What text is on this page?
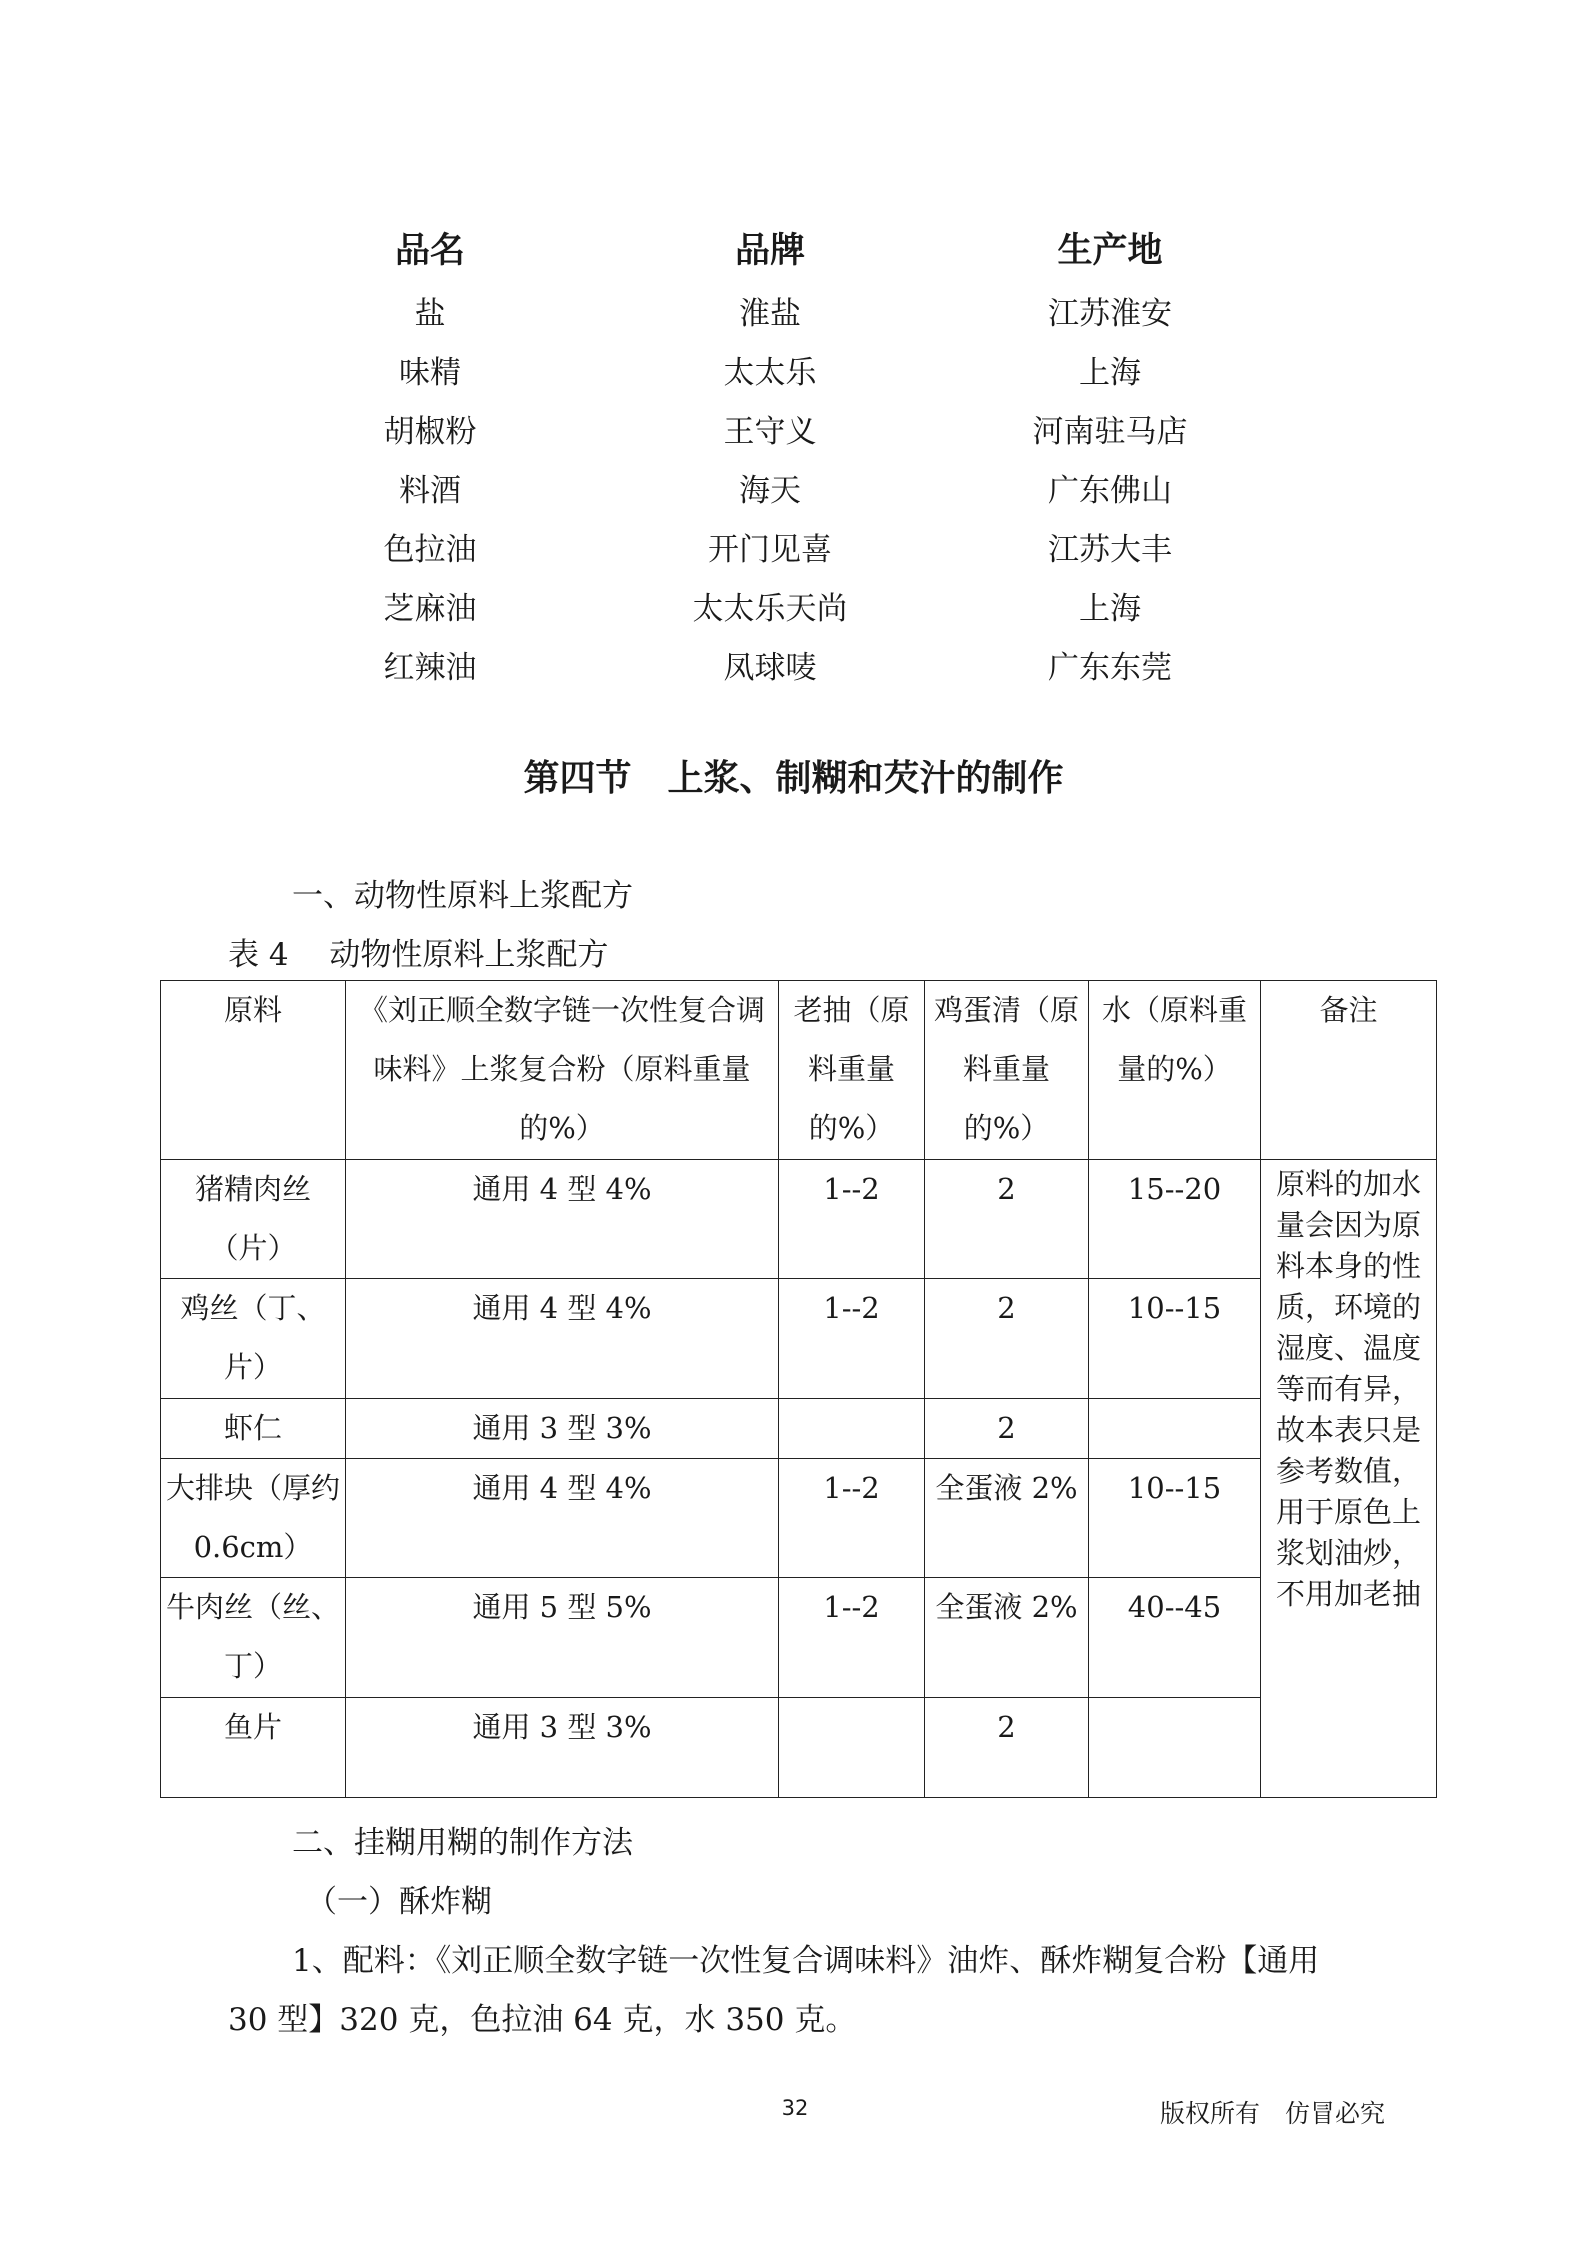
品名	品牌	生产地
盐	淮盐	江苏淮安
味精	太太乐	上海
胡椒粉	王守义	河南驻马店
料酒	海天	广东佛山
色拉油	开门见喜	江苏大丰
芝麻油	太太乐天尚	上海
红辣油	凤球唛	广东东莞
第四节　上浆、制糊和芡汁的制作

一、动物性原料上浆配方

表 4　 动物性原料上浆配方

原料	《刘正顺全数字链一次性复合调味料》上浆复合粉（原料重量的%）	老抽（原料重量的%）	鸡蛋清（原料重量的%）	水（原料重量的%）	备注
猪精肉丝（片）	通用 4 型 4%	1--2	2	15--20	原料的加水量会因为原料本身的性质，环境的湿度、温度等而有异，故本表只是参考数值，用于原色上浆划油炒，不用加老抽
鸡丝（丁、片）	通用 4 型 4%	1--2	2	10--15	
虾仁	通用 3 型 3%		2		
大排块（厚约 0.6cm）	通用 4 型 4%	1--2	全蛋液 2%	10--15	
牛肉丝（丝、丁）	通用 5 型 5%	1--2	全蛋液 2%	40--45	
鱼片	通用 3 型 3%		2		

二、挂糊用糊的制作方法

（一）酥炸糊

1、配料：《刘正顺全数字链一次性复合调味料》油炸、酥炸糊复合粉【通用

30 型】320 克，色拉油 64 克，水 350 克。

32	版权所有　仿冒必究
